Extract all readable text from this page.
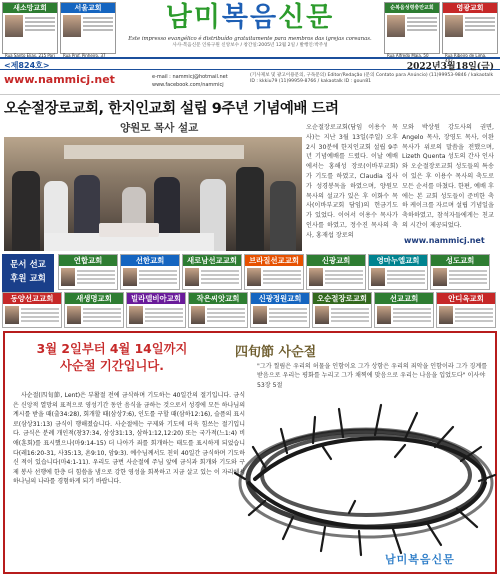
새소망교회
Rua Santo Elias, 215 Pari
서울교회
Rua Prof. Pinheiro, 37
남미복음신문
Este impresso evangélico é distribuído gratuitamente para membros das igrejas coreanas.
사사-복음신문 인류구원 신앙보수 / 창간일:2005년 12월 2일 / 발행인:박주성
순복음성령충만교회
Rua Alfredo Maia, 50
영광교회
Rua Ribeiro de Lima, 442
<제824호>	2022년3월18일(금)
www.nammicj.net	e-mail : nammicj@hotmail.net
www.facebook.com/nammicj
(기사제보 및 광고이용문의, 구독문의) Editor/Redação (문의 Contato para Anúncio) (11)99953-9846 / kakaotalk ID : kkkiu79 (11)99959-8766 / kakaotalk ID : goun81
오순절장로교회, 한지인교회 설립 9주년 기념예배 드려
양원모 목사 설교	오순절장로교회(담임 이용수 목사)는 지난 3월 13일(주일) 오후 2시 30분에 한지인교회 설립 9주년 기념예배를 드렸다. 이날 예배에서는 홍해성 장로(이바부교회)가 기도를 하였고, Claudia 집사가 성경봉독을 하였으며, 양원모 목사의 설교가 있은 후 이화수 목사(이바부교회 담임)의 헌금기도가 있었다. 이어서 이용수 목사가 인사를 하였고, 정수진 목사의 축사, 홍재섭 장로의
모와 박상원 강도사의 권면, Angelo 목사, 장영도 목사, 이완 목사가 위로의 말씀을 전했으며, Lizeth Quenta 성도의 간사 인사와 오순절장로교회 성도들의 특송이 있은 후 이용수 목사의 축도로 모든 순서를 마쳤다. 한편, 예배 후에는 본 교회 성도들이 준비한 축하 케이크를 자르며 설립 기념일을 축하하였고, 참석자들에게는 친교의 시간이 제공되었다.
www.nammicj.net
문서 선교
후원 교회
연합교회	선한교회	새로남선교교회	브라질선교교회	신광교회	영마누엘교회	성도교회
동양선교교회	새생명교회	빌라델비아교회	작은씨앗교회	신광정원교회	오순절장로교회	선교교회	안디옥교회
3월 2일부터 4월 14일까지
사순절 기간입니다.
四旬節 사순절
"그가 찔림은 우리의 허물을 인함이요 그가 상함은 우리의 죄악을 인함이라 그가 징계를 받음으로 우리는 평화를 누리고 그가 채찍에 맞음으로 우리는 나음을 입었도다" 이사야 53장 5절

사순절(四旬節, Lent)은 부활절 전에 금식하며 기도하는 40일간의 절기입니다. 금식은 신앙적 열망의 표적으로 영성기간 동안 음식을 금하는 것으로서 성경에 모든 하나님의 계시를 받을 때(출34:28), 회개할 때(삼상7:6), 인도를 구할 때(삼하12:16), 슬픔의 표시로(삼상31:13) 금식이 행해졌습니다. 사순절에는 구제와 기도에 더욱 힘쓰는 절기입니다. 금식은 분례 개인적(창37:34, 삼상31:13, 삼하1:12,12:20) 또는 국가적(느1:4) 비애(훈회)를 표시했으나(마9:14-15) 더 나아가 죄를 회개하는 태도를 표시하게 되었습니다(레16:20-31, 사35:13, 욘9:10, 암9:3). 예수님께서도 친히 40일간 금식하며 기도하신 적이 있습니다(마4:1-11). 우리도 금번 사순절에 주님 앞에 금식과 회개와 기도와 구제 봉사 선행에 한층 더 힘씀을 냄으로 강한 영성을 회복하고 지금 살고 있는 이 자리에서 하나님의 나라를 경험하게 되기 바랍니다.

남미복음신문
